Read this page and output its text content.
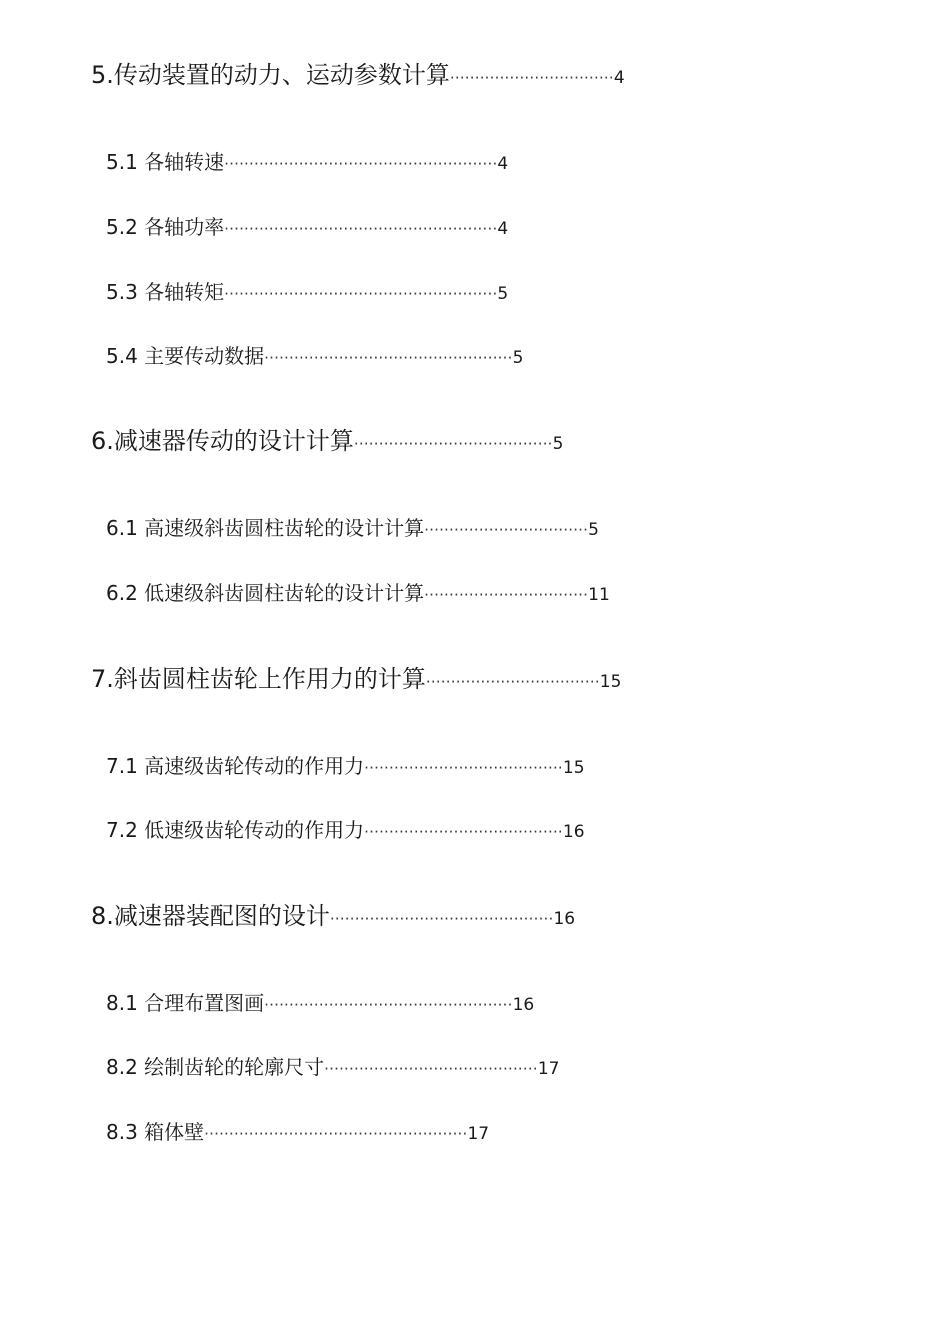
5.传动装置的动力、运动参数计算·································4
5.1 各轴转速·······················································4
5.2 各轴功率·······················································4
5.3 各轴转矩·······················································5
5.4 主要传动数据··················································5
6.减速器传动的设计计算········································5
6.1 高速级斜齿圆柱齿轮的设计计算·································5
6.2 低速级斜齿圆柱齿轮的设计计算·································11
7.斜齿圆柱齿轮上作用力的计算···································15
7.1 高速级齿轮传动的作用力········································15
7.2 低速级齿轮传动的作用力········································16
8.减速器装配图的设计·············································16
8.1 合理布置图画··················································16
8.2 绘制齿轮的轮廓尺寸···········································17
8.3 箱体壁·····················································17
